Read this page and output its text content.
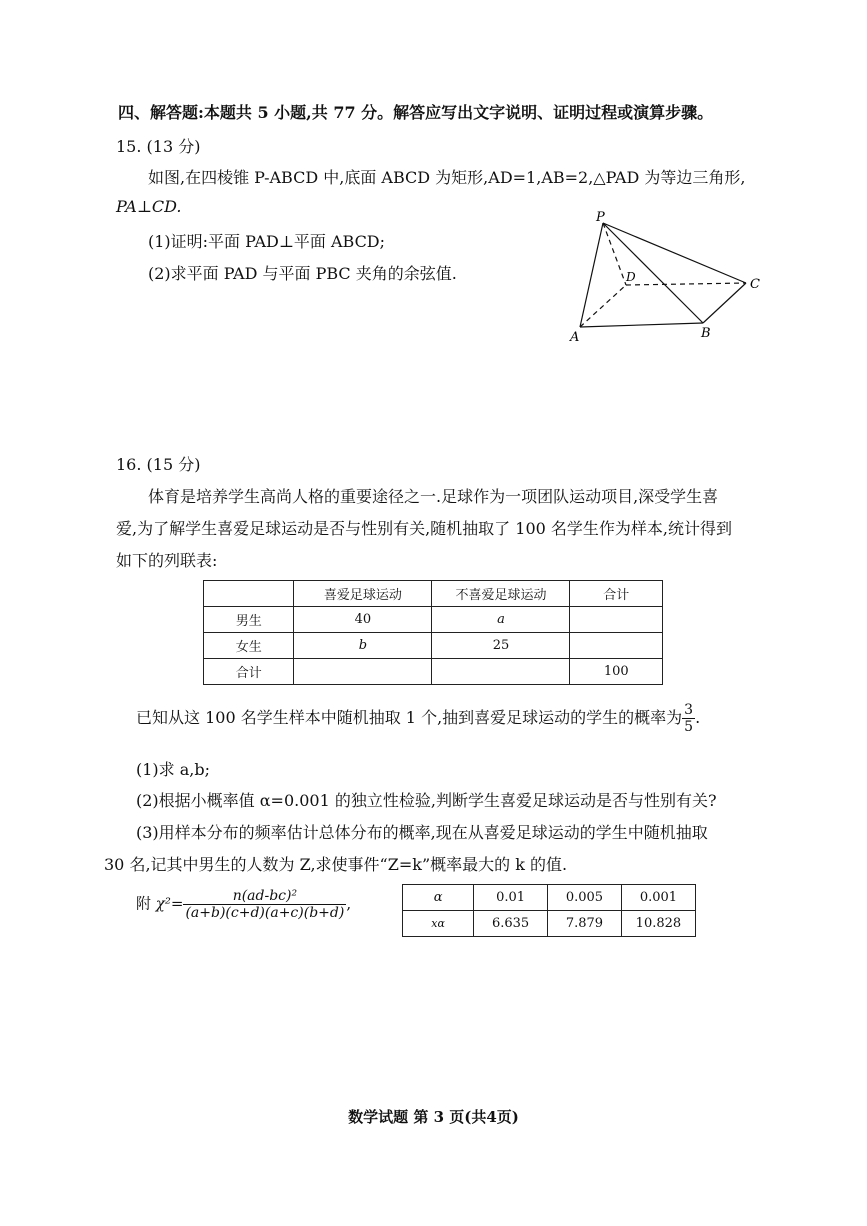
四、解答题:本题共 5 小题,共 77 分。解答应写出文字说明、证明过程或演算步骤。
15. (13 分)
如图,在四棱锥 P-ABCD 中,底面 ABCD 为矩形,AD=1,AB=2,△PAD 为等边三角形,
PA⊥CD.
(1)证明:平面 PAD⊥平面 ABCD;
(2)求平面 PAD 与平面 PBC 夹角的余弦值.
P
A	B
C
D
16. (15 分)
体育是培养学生高尚人格的重要途径之一.足球作为一项团队运动项目,深受学生喜
爱,为了解学生喜爱足球运动是否与性别有关,随机抽取了 100 名学生作为样本,统计得到
如下的列联表:
	喜爱足球运动	不喜爱足球运动	合计
男生	40	a	
女生	b	25	
合计			100
已知从这 100 名学生样本中随机抽取 1 个,抽到喜爱足球运动的学生的概率为 $\frac{3}{5}$ .
(1)求 a,b;
(2)根据小概率值 α=0.001 的独立性检验,判断学生喜爱足球运动是否与性别有关?
(3)用样本分布的频率估计总体分布的概率,现在从喜爱足球运动的学生中随机抽取
30 名,记其中男生的人数为 Z,求使事件“Z=k”概率最大的 k 的值.
附 $\chi^2= \frac{\text{n(ad-bc)²}}{(a+b)(c+d)(a+c)(b+d)}$ ,	α	0.01	0.005	0.001
xα	6.635	7.879	10.828
数学试题 第 3 页(共4页)
